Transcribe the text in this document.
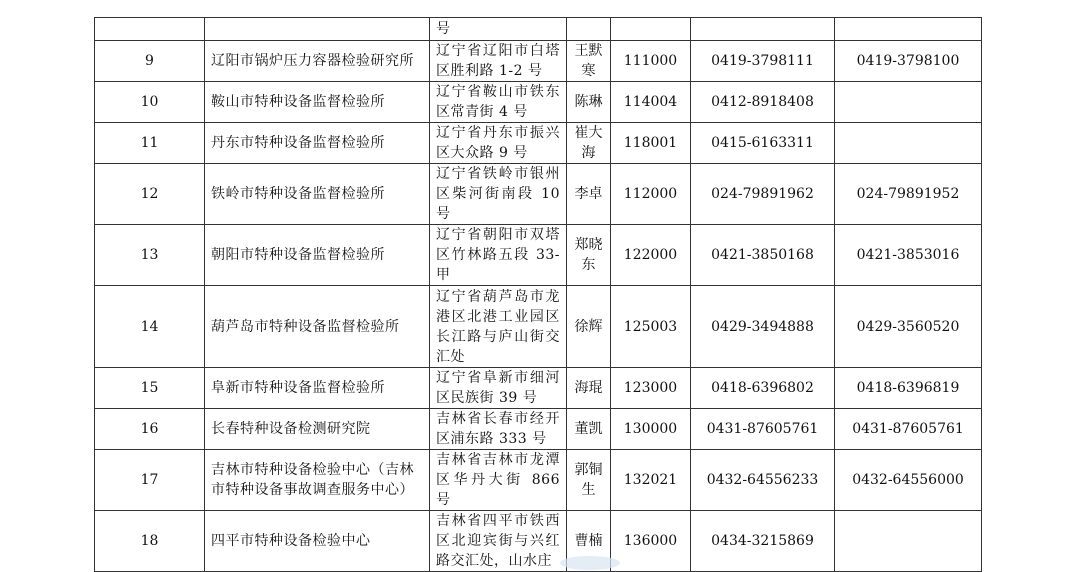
		号				
9	辽阳市锅炉压力容器检验研究所	辽宁省辽阳市白塔区胜利路 1-2 号	王默寒	111000	0419-3798111	0419-3798100
10	鞍山市特种设备监督检验所	辽宁省鞍山市铁东区常青街 4 号	陈琳	114004	0412-8918408	
11	丹东市特种设备监督检验所	辽宁省丹东市振兴区大众路 9 号	崔大海	118001	0415-6163311	
12	铁岭市特种设备监督检验所	辽宁省铁岭市银州区柴河街南段 10 号	李卓	112000	024-79891962	024-79891952
13	朝阳市特种设备监督检验所	辽宁省朝阳市双塔区竹林路五段 33-甲	郑晓东	122000	0421-3850168	0421-3853016
14	葫芦岛市特种设备监督检验所	辽宁省葫芦岛市龙港区北港工业园区长江路与庐山街交汇处	徐辉	125003	0429-3494888	0429-3560520
15	阜新市特种设备监督检验所	辽宁省阜新市细河区民族街 39 号	海琨	123000	0418-6396802	0418-6396819
16	长春特种设备检测研究院	吉林省长春市经开区浦东路 333 号	董凯	130000	0431-87605761	0431-87605761
17	吉林市特种设备检验中心（吉林市特种设备事故调查服务中心）	吉林省吉林市龙潭区华丹大街 866 号	郭铜生	132021	0432-64556233	0432-64556000
18	四平市特种设备检验中心	吉林省四平市铁西区北迎宾街与兴红路交汇处，山水庄	曹楠	136000	0434-3215869	
